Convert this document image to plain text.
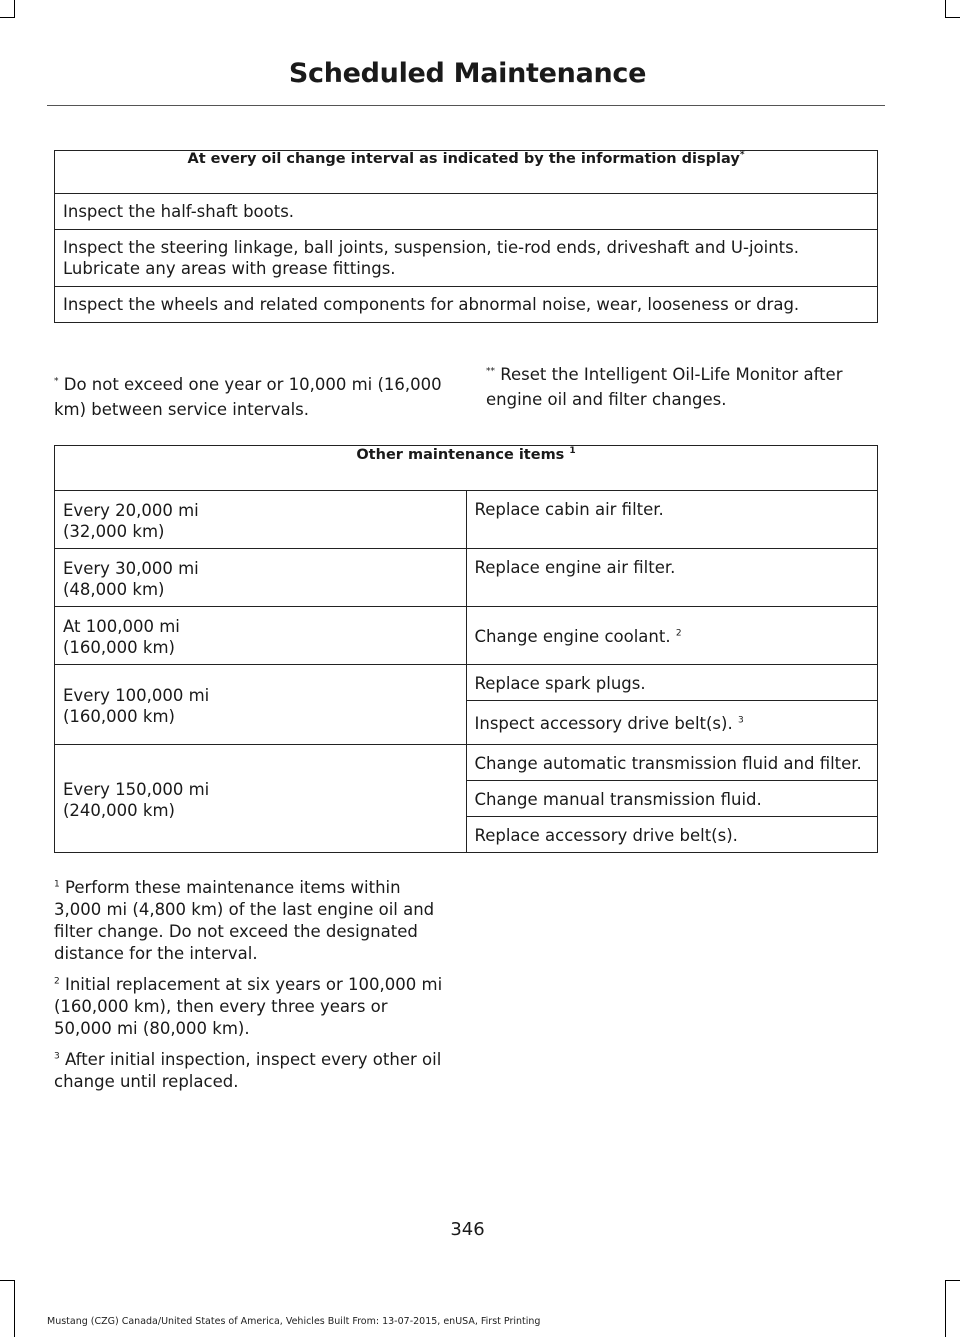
Scheduled Maintenance
At every oil change interval as indicated by the information display*
Inspect the half-shaft boots.
Inspect the steering linkage, ball joints, suspension, tie-rod ends, driveshaft and U-joints. Lubricate any areas with grease fittings.
Inspect the wheels and related components for abnormal noise, wear, looseness or drag.
* Do not exceed one year or 10,000 mi (16,000 km) between service intervals.
** Reset the Intelligent Oil-Life Monitor after engine oil and filter changes.
Other maintenance items $^1$

Every 20,000 mi
(32,000 km)	Replace cabin air filter.

Every 30,000 mi
(48,000 km)	Replace engine air filter.

At 100,000 mi
(160,000 km)	Change engine coolant. $^2$

Every 100,000 mi
(160,000 km)	Replace spark plugs.
	Inspect accessory drive belt(s). $^3$

Every 150,000 mi
(240,000 km)	Change automatic transmission fluid and filter.
	Change manual transmission fluid.
	Replace accessory drive belt(s).
$^1$ Perform these maintenance items within 3,000 mi (4,800 km) of the last engine oil and filter change. Do not exceed the designated distance for the interval.
$^2$ Initial replacement at six years or 100,000 mi (160,000 km), then every three years or 50,000 mi (80,000 km).
$^3$ After initial inspection, inspect every other oil change until replaced.
346
Mustang (CZG) Canada/United States of America, Vehicles Built From: 13-07-2015, enUSA, First Printing
